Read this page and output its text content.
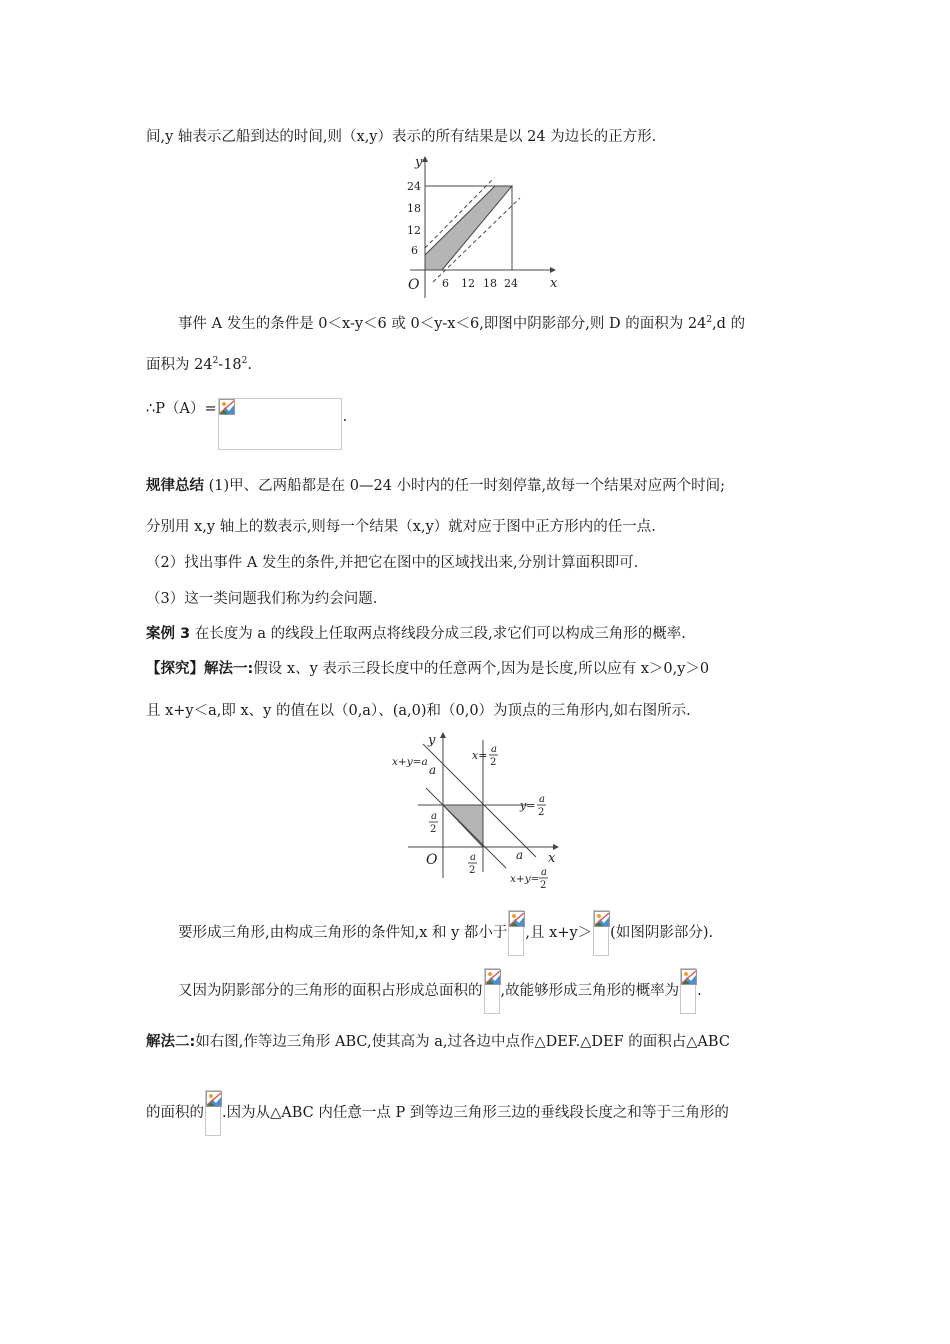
间,y 轴表示乙船到达的时间,则（x,y）表示的所有结果是以 24 为边长的正方形.
y
x
O
24
18
12
6
6 12 18 24
事件 A 发生的条件是 0＜x-y＜6 或 0＜y-x＜6,即图中阴影部分,则 D 的面积为 $24^2,d$ 的
面积为 $24^2-18^2$.
∴P（A）=	.
规律总结 (1)甲、乙两船都是在 0—24 小时内的任一时刻停靠,故每一个结果对应两个时间;
分别用 x,y 轴上的数表示,则每一个结果（x,y）就对应于图中正方形内的任一点.
（2）找出事件 A 发生的条件,并把它在图中的区域找出来,分别计算面积即可.
（3）这一类问题我们称为约会问题.
案例 3 在长度为 a 的线段上任取两点将线段分成三段,求它们可以构成三角形的概率.
【探究】解法一:假设 x、y 表示三段长度中的任意两个,因为是长度,所以应有 x＞0,y＞0
且 x+y＜a,即 x、y 的值在以（0,a）、(a,0)和（0,0）为顶点的三角形内,如右图所示.
y
x
O
x+y=a
a
a
x= a
2
y= a
2
a
2
a
2
x+y=
a
2
要形成三角形,由构成三角形的条件知,x 和 y 都小于 ,且 x+y＞ (如图阴影部分).
又因为阴影部分的三角形的面积占形成总面积的 ,故能够形成三角形的概率为 .
解法二:如右图,作等边三角形 ABC,使其高为 a,过各边中点作△DEF.△DEF 的面积占△ABC
的面积的 .因为从△ABC 内任意一点 P 到等边三角形三边的垂线段长度之和等于三角形的
